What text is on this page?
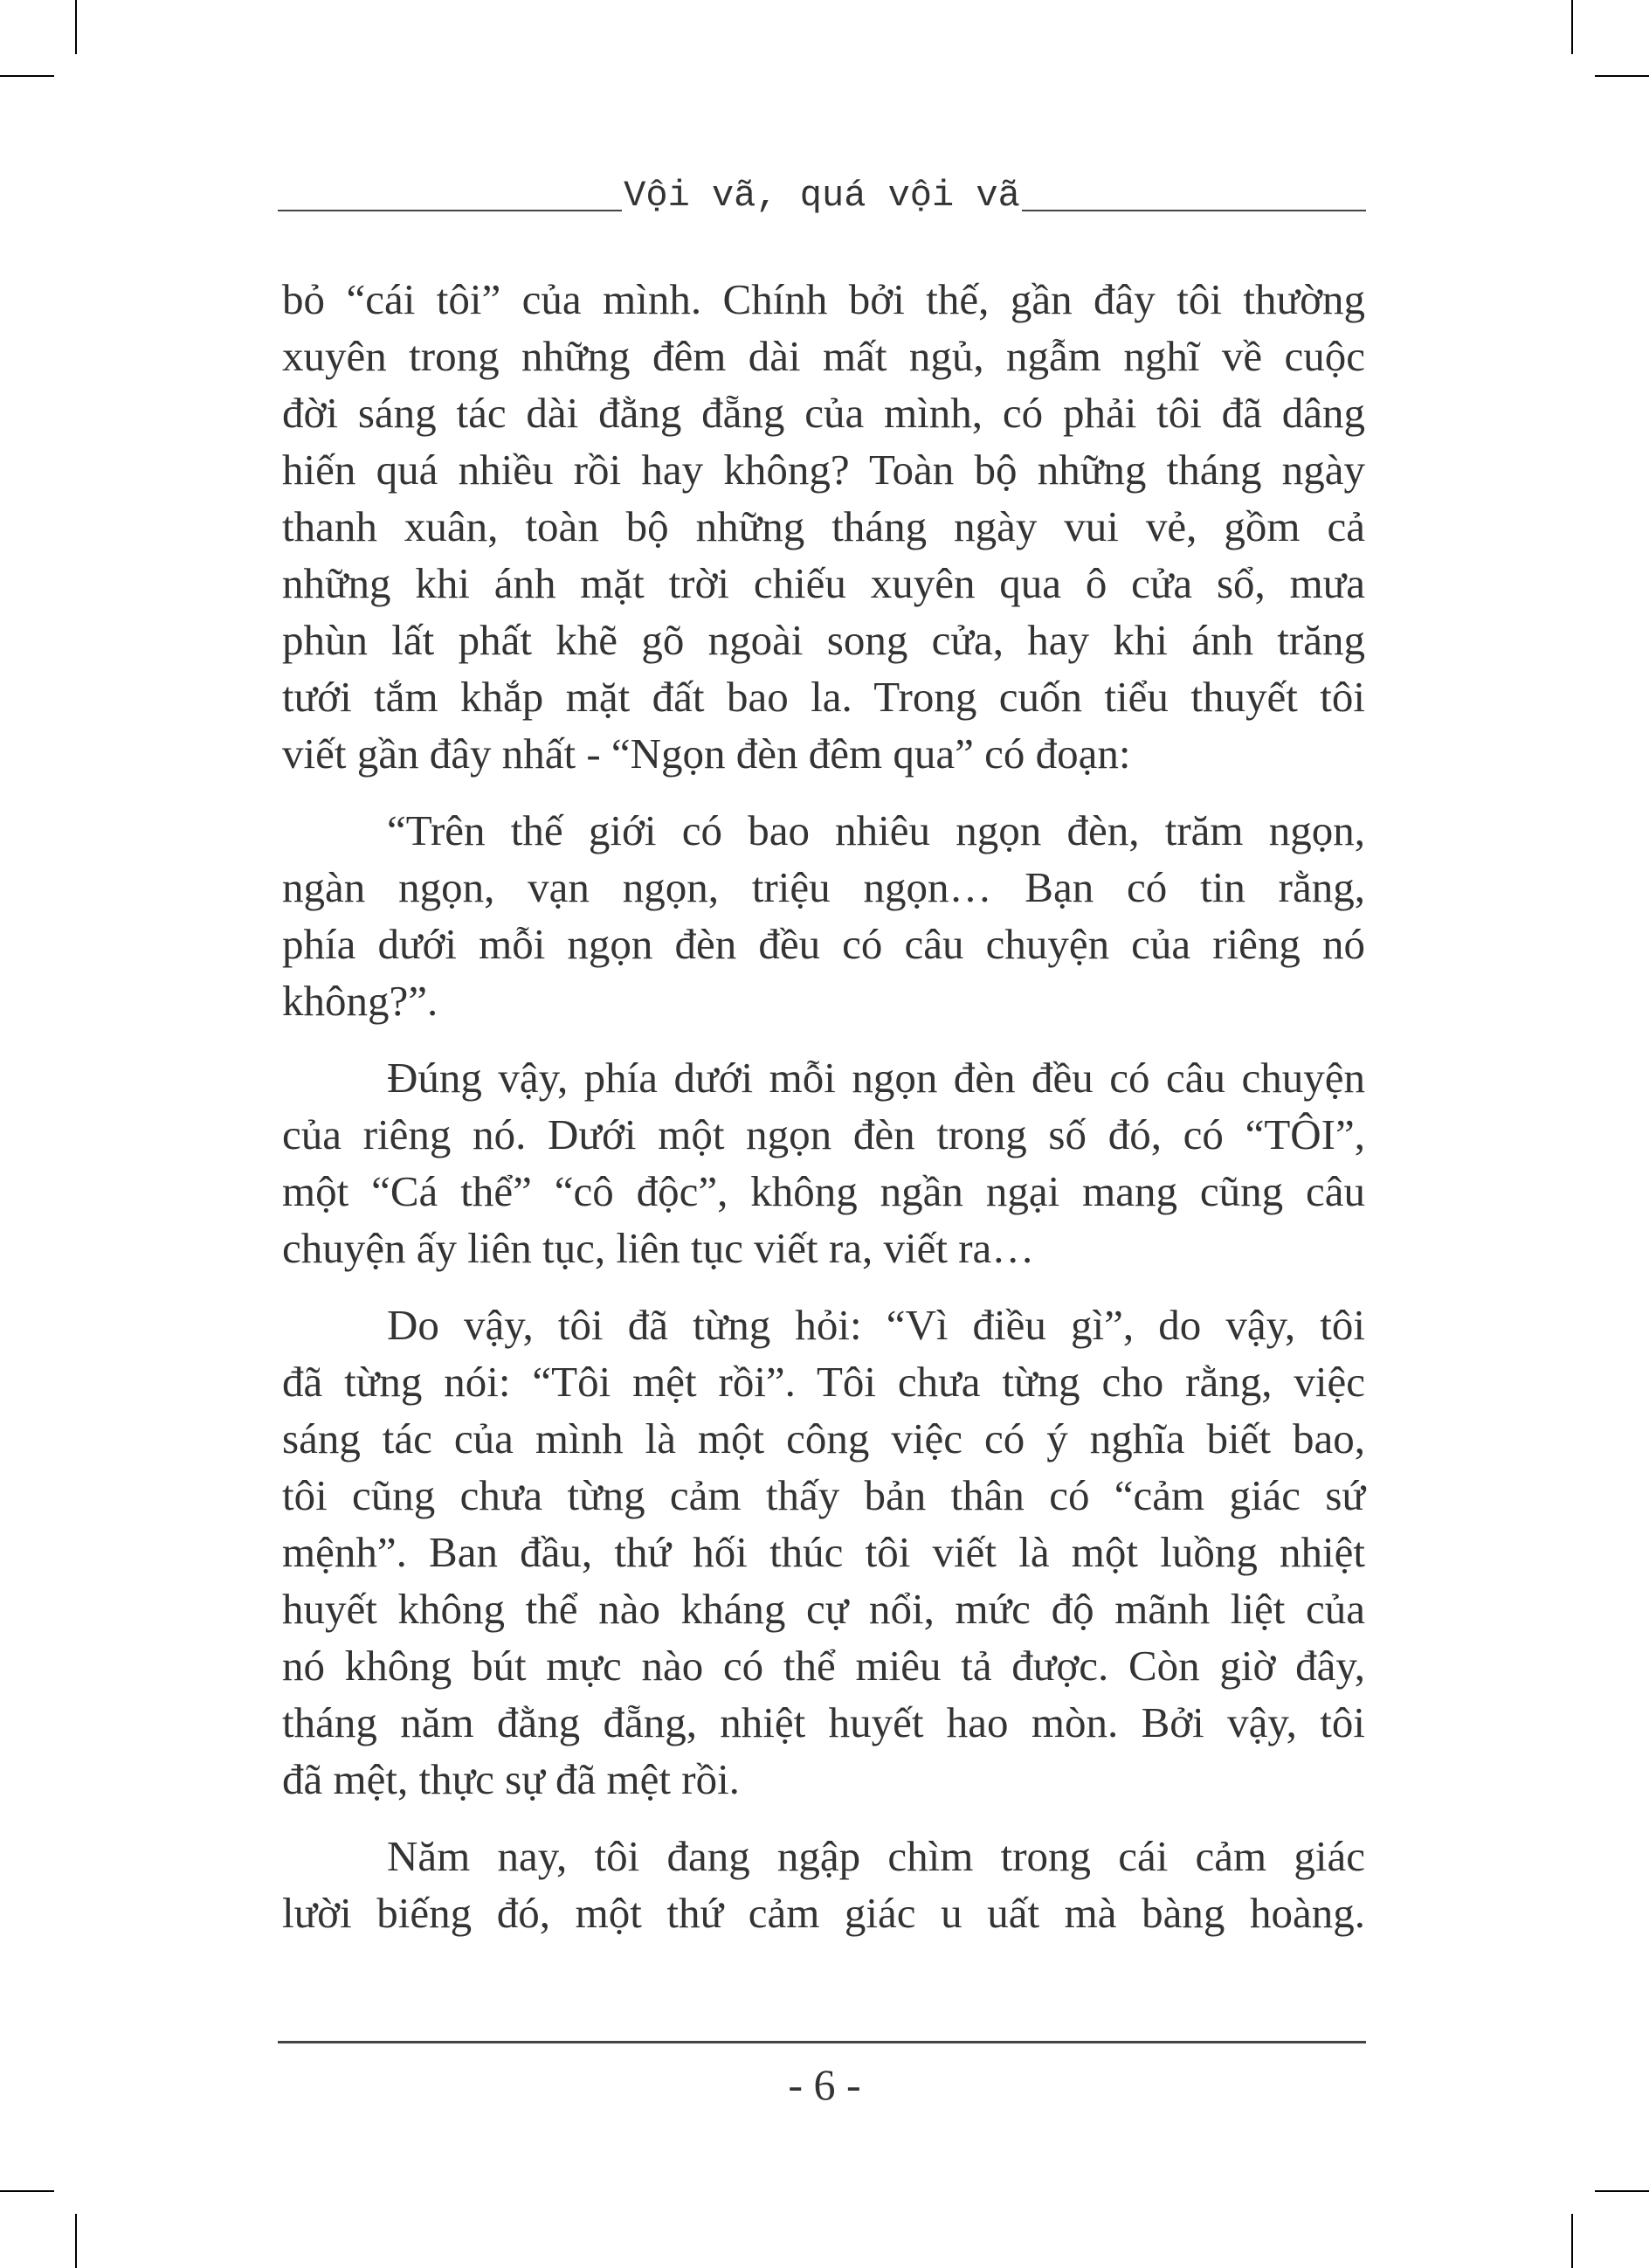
Vội vã, quá vội vã
bỏ “cái tôi” của mình. Chính bởi thế, gần đây tôi thường
xuyên trong những đêm dài mất ngủ, ngẫm nghĩ về cuộc
đời sáng tác dài đằng đẵng của mình, có phải tôi đã dâng
hiến quá nhiều rồi hay không? Toàn bộ những tháng ngày
thanh xuân, toàn bộ những tháng ngày vui vẻ, gồm cả
những khi ánh mặt trời chiếu xuyên qua ô cửa sổ, mưa
phùn lất phất khẽ gõ ngoài song cửa, hay khi ánh trăng
tưới tắm khắp mặt đất bao la. Trong cuốn tiểu thuyết tôi
viết gần đây nhất - “Ngọn đèn đêm qua” có đoạn:
“Trên thế giới có bao nhiêu ngọn đèn, trăm ngọn,
ngàn ngọn, vạn ngọn, triệu ngọn… Bạn có tin rằng,
phía dưới mỗi ngọn đèn đều có câu chuyện của riêng nó
không?”.
Đúng vậy, phía dưới mỗi ngọn đèn đều có câu chuyện
của riêng nó. Dưới một ngọn đèn trong số đó, có “TÔI”,
một “Cá thể” “cô độc”, không ngần ngại mang cũng câu
chuyện ấy liên tục, liên tục viết ra, viết ra…
Do vậy, tôi đã từng hỏi: “Vì điều gì”, do vậy, tôi
đã từng nói: “Tôi mệt rồi”. Tôi chưa từng cho rằng, việc
sáng tác của mình là một công việc có ý nghĩa biết bao,
tôi cũng chưa từng cảm thấy bản thân có “cảm giác sứ
mệnh”. Ban đầu, thứ hối thúc tôi viết là một luồng nhiệt
huyết không thể nào kháng cự nổi, mức độ mãnh liệt của
nó không bút mực nào có thể miêu tả được. Còn giờ đây,
tháng năm đằng đẵng, nhiệt huyết hao mòn. Bởi vậy, tôi
đã mệt, thực sự đã mệt rồi.
Năm nay, tôi đang ngập chìm trong cái cảm giác
lười biếng đó, một thứ cảm giác u uất mà bàng hoàng.
- 6 -
